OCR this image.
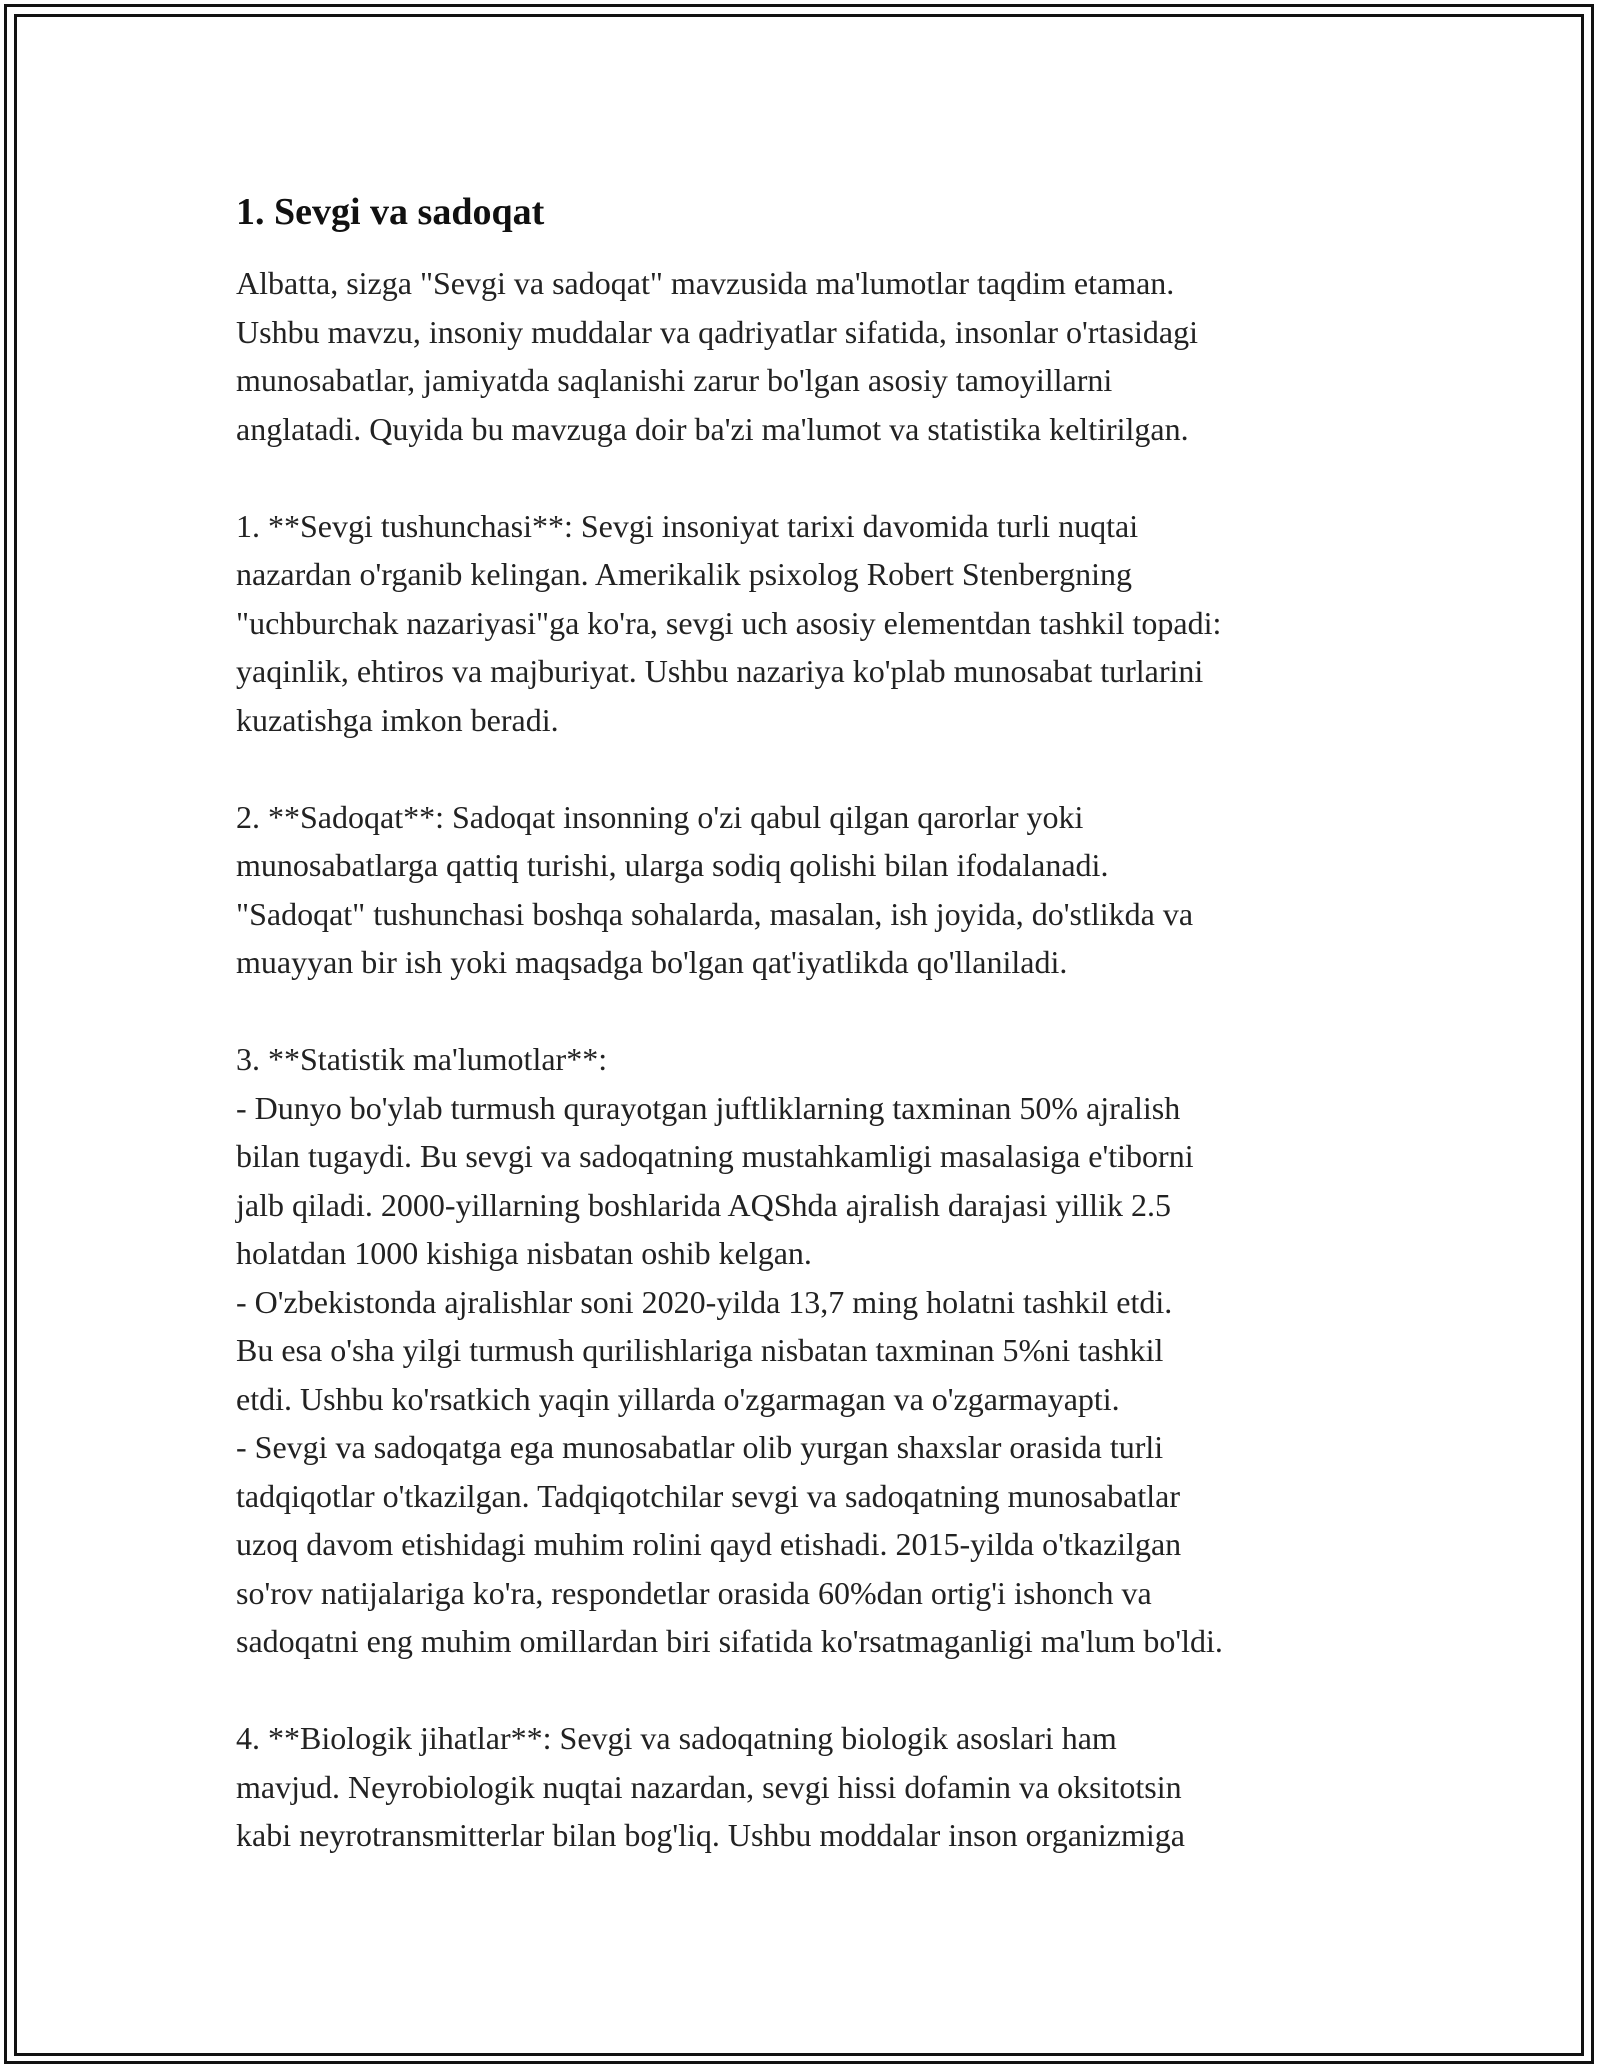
1. Sevgi va sadoqat

Albatta, sizga "Sevgi va sadoqat" mavzusida ma'lumotlar taqdim etaman.
Ushbu mavzu, insoniy muddalar va qadriyatlar sifatida, insonlar o'rtasidagi
munosabatlar, jamiyatda saqlanishi zarur bo'lgan asosiy tamoyillarni
anglatadi. Quyida bu mavzuga doir ba'zi ma'lumot va statistika keltirilgan.

1. **Sevgi tushunchasi**: Sevgi insoniyat tarixi davomida turli nuqtai
nazardan o'rganib kelingan. Amerikalik psixolog Robert Stenbergning
"uchburchak nazariyasi"ga ko'ra, sevgi uch asosiy elementdan tashkil topadi:
yaqinlik, ehtiros va majburiyat. Ushbu nazariya ko'plab munosabat turlarini
kuzatishga imkon beradi.

2. **Sadoqat**: Sadoqat insonning o'zi qabul qilgan qarorlar yoki
munosabatlarga qattiq turishi, ularga sodiq qolishi bilan ifodalanadi.
"Sadoqat" tushunchasi boshqa sohalarda, masalan, ish joyida, do'stlikda va
muayyan bir ish yoki maqsadga bo'lgan qat'iyatlikda qo'llaniladi.

3. **Statistik ma'lumotlar**:
- Dunyo bo'ylab turmush qurayotgan juftliklarning taxminan 50% ajralish
bilan tugaydi. Bu sevgi va sadoqatning mustahkamligi masalasiga e'tiborni
jalb qiladi. 2000-yillarning boshlarida AQShda ajralish darajasi yillik 2.5
holatdan 1000 kishiga nisbatan oshib kelgan.
- O'zbekistonda ajralishlar soni 2020-yilda 13,7 ming holatni tashkil etdi.
Bu esa o'sha yilgi turmush qurilishlariga nisbatan taxminan 5%ni tashkil
etdi. Ushbu ko'rsatkich yaqin yillarda o'zgarmagan va o'zgarmayapti.
- Sevgi va sadoqatga ega munosabatlar olib yurgan shaxslar orasida turli
tadqiqotlar o'tkazilgan. Tadqiqotchilar sevgi va sadoqatning munosabatlar
uzoq davom etishidagi muhim rolini qayd etishadi. 2015-yilda o'tkazilgan
so'rov natijalariga ko'ra, respondetlar orasida 60%dan ortig'i ishonch va
sadoqatni eng muhim omillardan biri sifatida ko'rsatmaganligi ma'lum bo'ldi.

4. **Biologik jihatlar**: Sevgi va sadoqatning biologik asoslari ham
mavjud. Neyrobiologik nuqtai nazardan, sevgi hissi dofamin va oksitotsin
kabi neyrotransmitterlar bilan bog'liq. Ushbu moddalar inson organizmiga
